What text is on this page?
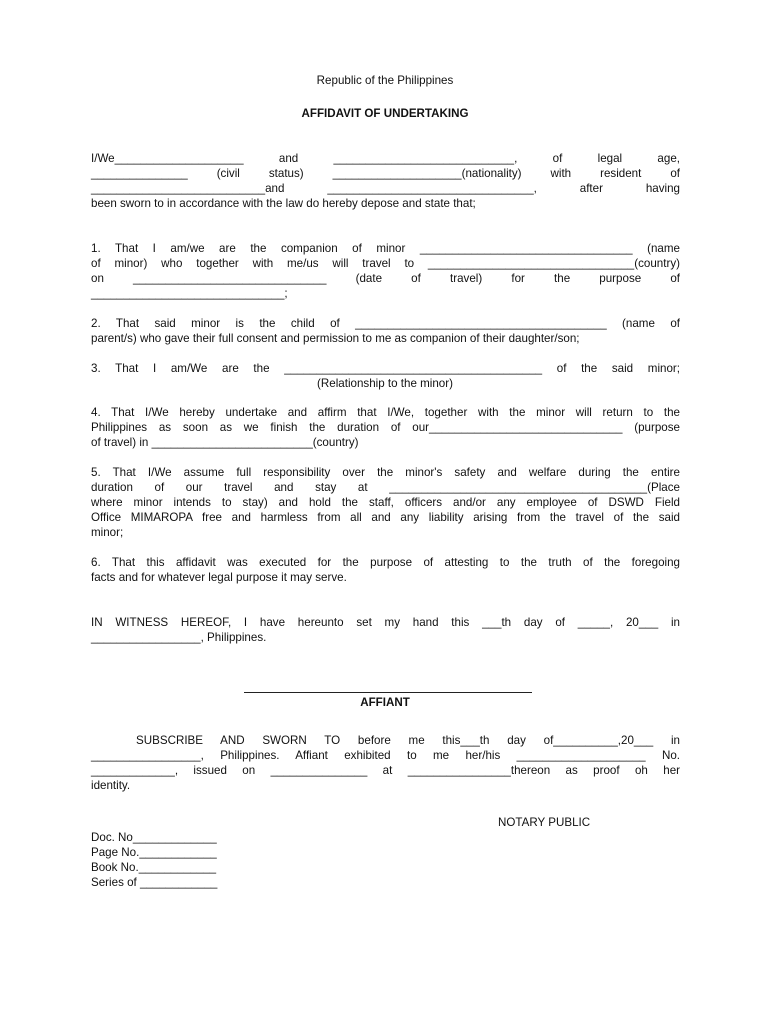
Republic of the Philippines
AFFIDAVIT OF UNDERTAKING
I/We____________________ and ____________________________, of legal age,
_______________ (civil status) ____________________(nationality) with resident of
___________________________and ________________________________, after having
been sworn to in accordance with the law do hereby depose and state that;
1. That I am/we are the companion of minor _________________________________ (name
of minor) who together with me/us will travel to ________________________________(country)
on ______________________________ (date of travel) for the purpose of
______________________________;
2. That said minor is the child of _______________________________________ (name of
parent/s) who gave their full consent and permission to me as companion of their daughter/son;
3. That I am/We are the ________________________________________ of the said minor;
(Relationship to the minor)
4. That I/We hereby undertake and affirm that I/We, together with the minor will return to the
Philippines as soon as we finish the duration of our______________________________ (purpose
of travel) in _________________________(country)
5. That I/We assume full responsibility over the minor's safety and welfare during the entire
duration of our travel and stay at ________________________________________(Place
where minor intends to stay) and hold the staff, officers and/or any employee of DSWD Field
Office MIMAROPA free and harmless from all and any liability arising from the travel of the said
minor;
6. That this affidavit was executed for the purpose of attesting to the truth of the foregoing
facts and for whatever legal purpose it may serve.
IN WITNESS HEREOF, I have hereunto set my hand this ___th day of _____, 20___ in
_________________, Philippines.
AFFIANT
SUBSCRIBE AND SWORN TO before me this___th day of__________,20___ in
_________________, Philippines. Affiant exhibited to me her/his ____________________ No.
_____________, issued on _______________ at ________________thereon as proof oh her
identity.
NOTARY PUBLIC
Doc. No_____________
Page No.____________
Book No.____________
Series of ____________
